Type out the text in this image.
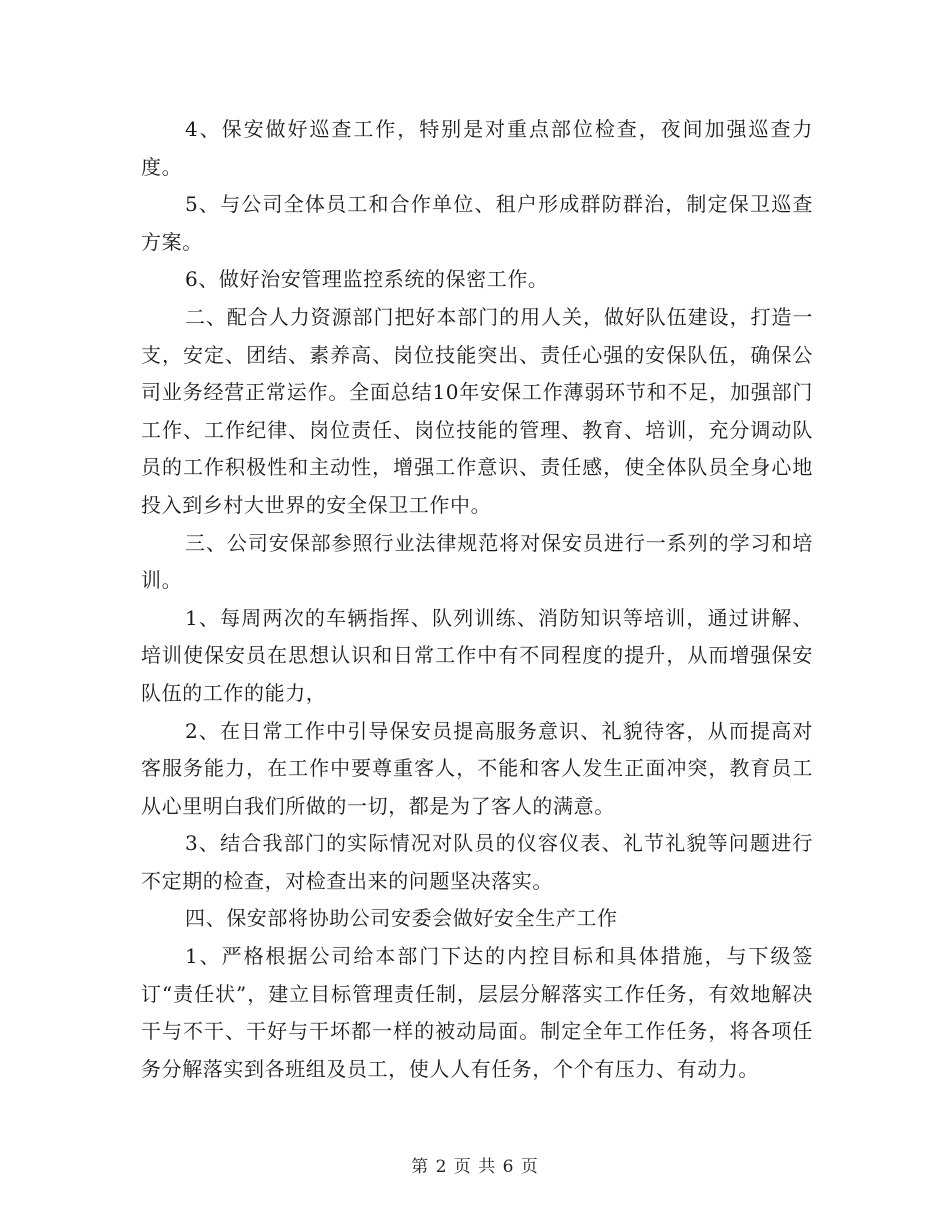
4、保安做好巡查工作，特别是对重点部位检查，夜间加强巡查力度。

5、与公司全体员工和合作单位、租户形成群防群治，制定保卫巡查方案。

6、做好治安管理监控系统的保密工作。

二、配合人力资源部门把好本部门的用人关，做好队伍建设，打造一支，安定、团结、素养高、岗位技能突出、责任心强的安保队伍，确保公司业务经营正常运作。全面总结10年安保工作薄弱环节和不足，加强部门工作、工作纪律、岗位责任、岗位技能的管理、教育、培训，充分调动队员的工作积极性和主动性，增强工作意识、责任感，使全体队员全身心地投入到乡村大世界的安全保卫工作中。

三、公司安保部参照行业法律规范将对保安员进行一系列的学习和培训。

1、每周两次的车辆指挥、队列训练、消防知识等培训，通过讲解、培训使保安员在思想认识和日常工作中有不同程度的提升，从而增强保安队伍的工作的能力，

2、在日常工作中引导保安员提高服务意识、礼貌待客，从而提高对客服务能力，在工作中要尊重客人，不能和客人发生正面冲突，教育员工从心里明白我们所做的一切，都是为了客人的满意。

3、结合我部门的实际情况对队员的仪容仪表、礼节礼貌等问题进行不定期的检查，对检查出来的问题坚决落实。

四、保安部将协助公司安委会做好安全生产工作

1、严格根据公司给本部门下达的内控目标和具体措施，与下级签订“责任状”，建立目标管理责任制，层层分解落实工作任务，有效地解决干与不干、干好与干坏都一样的被动局面。制定全年工作任务，将各项任务分解落实到各班组及员工，使人人有任务，个个有压力、有动力。

第 2 页 共 6 页
